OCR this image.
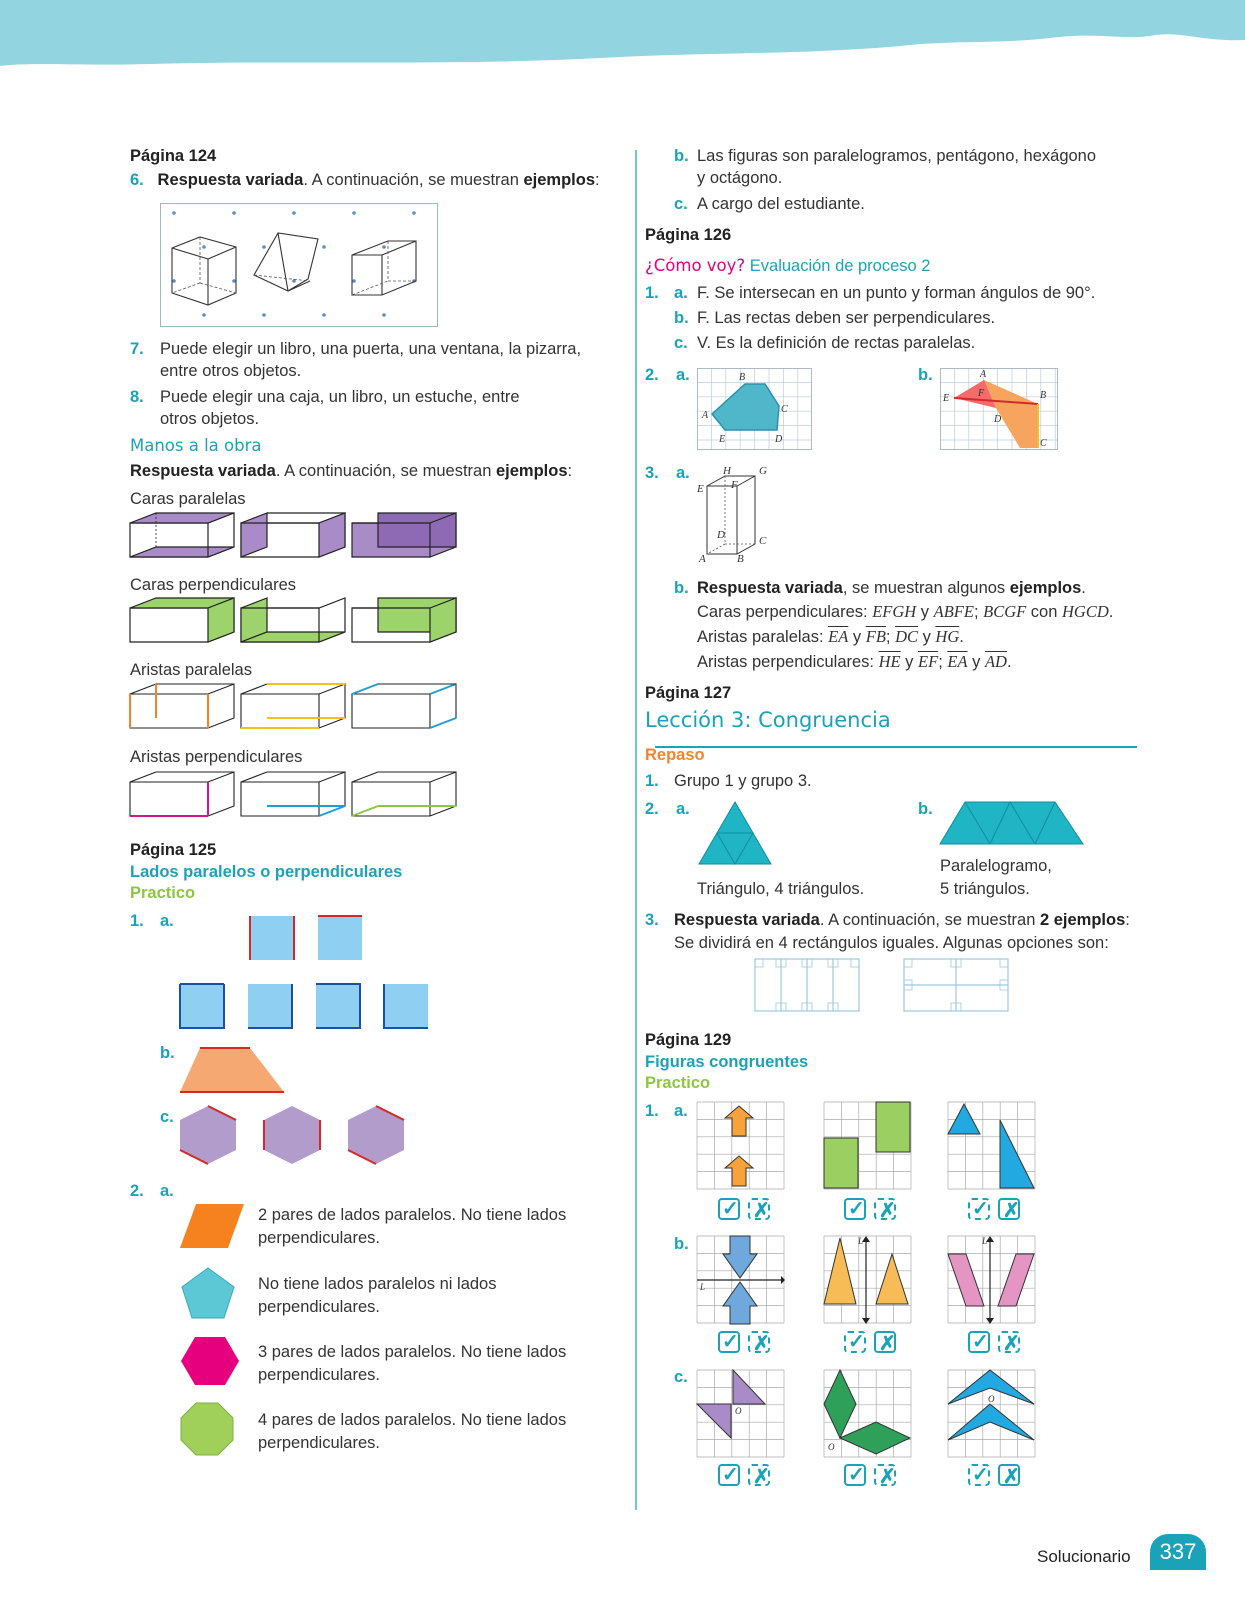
Página 124
6. Respuesta variada. A continuación, se muestran ejemplos:
7. Puede elegir un libro, una puerta, una ventana, la pizarra,
entre otros objetos.
8. Puede elegir una caja, un libro, un estuche, entre
otros objetos.
Manos a la obra
Respuesta variada. A continuación, se muestran ejemplos:
Caras paralelas
Caras perpendiculares
Aristas paralelas
Aristas perpendiculares
Página 125
Lados paralelos o perpendiculares
Practico
1. a.
b.
c.
2. a.
2 pares de lados paralelos. No tiene lados
perpendiculares.
No tiene lados paralelos ni lados
perpendiculares.
3 pares de lados paralelos. No tiene lados
perpendiculares.
4 pares de lados paralelos. No tiene lados
perpendiculares.
b. Las figuras son paralelogramos, pentágono, hexágono
y octágono.
c. A cargo del estudiante.
Página 126
¿Cómo voy? Evaluación de proceso 2
1. a. F. Se intersecan en un punto y forman ángulos de 90°.
b. F. Las rectas deben ser perpendiculares.
c. V. Es la definición de rectas paralelas.
2. a.	B
A
C
D
E
b.	A
B
C
D
E	F
3. a.	H	G
E F
D	C
A	B
b. Respuesta variada, se muestran algunos ejemplos.
Caras perpendiculares: EFGH y ABFE; BCGF con HGCD.
Aristas paralelas: $\overline{EA}$ y $\overline{FB}$; $\overline{DC}$ y $\overline{HG}$.
Aristas perpendiculares: $\overline{HE}$ y $\overline{EF}$; $\overline{EA}$ y $\overline{AD}$.
Página 127
Lección 3: Congruencia
Repaso
1. Grupo 1 y grupo 3.
2. a.
Triángulo, 4 triángulos.
b.
Paralelogramo,
5 triángulos.
3. Respuesta variada. A continuación, se muestran 2 ejemplos:
Se dividirá en 4 rectángulos iguales. Algunas opciones son:
Página 129
Figuras congruentes
Practico
1. a.
b.
c.
L
L	L
O
O
O
✓ ✗	✓ ✗	✓ ✗
✓ ✗	✓ ✗	✓ ✗
✓ ✗	✓ ✗	✓ ✗
Solucionario	337
